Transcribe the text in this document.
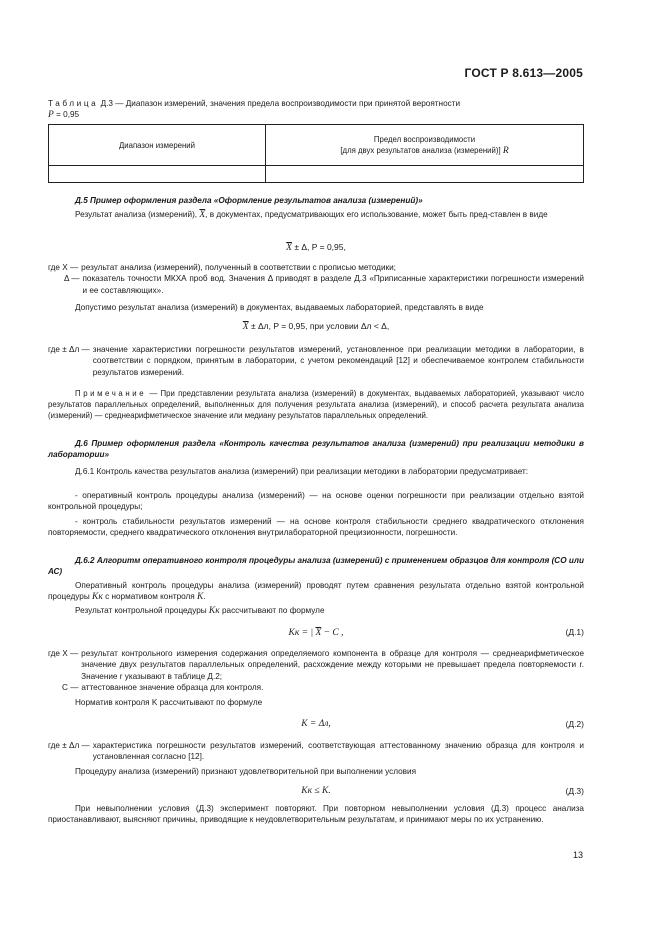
ГОСТ Р 8.613—2005
Таблица Д.3 — Диапазон измерений, значения предела воспроизводимости при принятой вероятности
P = 0,95
Диапазон измерений	Предел воспроизводимости
[для двух результатов анализа (измерений)] R

Д.5 Пример оформления раздела «Оформление результатов анализа (измерений)»
Результат анализа (измерений), $\overline{X}$, в документах, предусматривающих его использование, может быть пред-ставлен в виде
$\overline{X} \pm \Delta$, P = 0,95,
где X — результат анализа (измерений), полученный в соответствии с прописью методики;
Δ — показатель точности МКХА проб вод. Значения Δ приводят в разделе Д.3 «Приписанные характеристики погрешности измерений и ее составляющих».
Допустимо результат анализа (измерений) в документах, выдаваемых лабораторией, представлять в виде
$\overline{X} \pm \Delta л$, P = 0,95, при условии Δл < Δ,
где ± Δл — значение характеристики погрешности результатов измерений, установленное при реализации методики в лаборатории, в соответствии с порядком, принятым в лаборатории, с учетом рекомендаций [12] и обеспечиваемое контролем стабильности результатов измерений.
Примечание — При представлении результата анализа (измерений) в документах, выдаваемых лабораторией, указывают число результатов параллельных определений, выполненных для получения результата анализа (измерений), и способ расчета результата анализа (измерений) — среднеарифметическое значение или медиану результатов параллельных определений.
Д.6 Пример оформления раздела «Контроль качества результатов анализа (измерений) при реализации методики в лаборатории»
Д.6.1 Контроль качества результатов анализа (измерений) при реализации методики в лаборатории предусматривает:
- оперативный контроль процедуры анализа (измерений) — на основе оценки погрешности при реализации отдельно взятой контрольной процедуры;
- контроль стабильности результатов измерений — на основе контроля стабильности среднего квадратического отклонения повторяемости, среднего квадратического отклонения внутрилабораторной прецизионности, погрешности.
Д.6.2 Алгоритм оперативного контроля процедуры анализа (измерений) с применением образцов для контроля (СО или АС)
Оперативный контроль процедуры анализа (измерений) проводят путем сравнения результата отдельно взятой контрольной процедуры Kк с нормативом контроля K.
Результат контрольной процедуры Kк рассчитывают по формуле
Kк = | $\overline{X} - C$ ,	(Д.1)
где X — результат контрольного измерения содержания определяемого компонента в образце для контроля — среднеарифметическое значение двух результатов параллельных определений, расхождение между которыми не превышает предела повторяемости r. Значение r указывают в таблице Д.2;
C — аттестованное значение образца для контроля.
Норматив контроля K рассчитывают по формуле
K = Δл,	(Д.2)
где ± Δл — характеристика погрешности результатов измерений, соответствующая аттестованному значению образца для контроля и установленная согласно [12].
Процедуру анализа (измерений) признают удовлетворительной при выполнении условия
Kк ≤ K.	(Д.3)
При невыполнении условия (Д.3) эксперимент повторяют. При повторном невыполнении условия (Д.3) процесс анализа приостанавливают, выясняют причины, приводящие к неудовлетворительным результатам, и принимают меры по их устранению.
13
